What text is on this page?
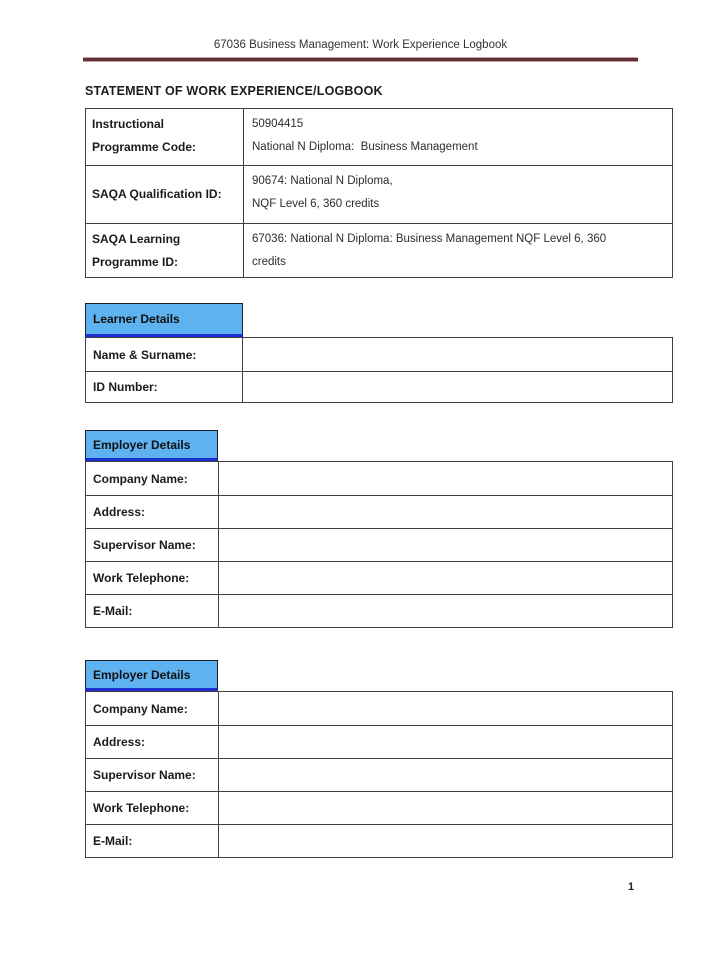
67036 Business Management: Work Experience Logbook
STATEMENT OF WORK EXPERIENCE/LOGBOOK
Instructional
Programme Code:
50904415
National N Diploma:  Business Management
SAQA Qualification ID:
90674: National N Diploma,
NQF Level 6, 360 credits
SAQA Learning
Programme ID:
67036: National N Diploma: Business Management NQF Level 6, 360
credits
Learner Details
Name & Surname:
ID Number:
Employer Details
Company Name:
Address:
Supervisor Name:
Work Telephone:
E-Mail:
Employer Details
Company Name:
Address:
Supervisor Name:
Work Telephone:
E-Mail:
1
